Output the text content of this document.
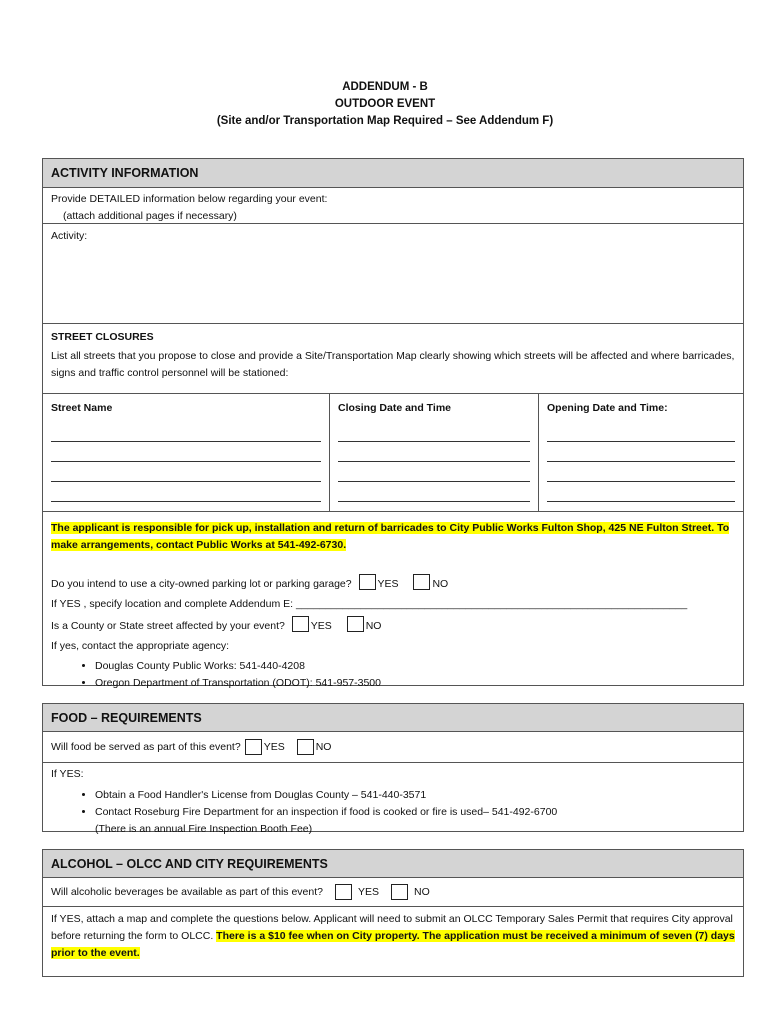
ADDENDUM - B
OUTDOOR EVENT
(Site and/or Transportation Map Required – See Addendum F)
ACTIVITY INFORMATION
Provide DETAILED information below regarding your event:
(attach additional pages if necessary)
Activity:
STREET CLOSURES
List all streets that you propose to close and provide a Site/Transportation Map clearly showing which streets will be affected and where barricades, signs and traffic control personnel will be stationed:
Street Name	Closing Date and Time	Opening Date and Time:
The applicant is responsible for pick up, installation and return of barricades to City Public Works Fulton Shop, 425 NE Fulton Street. To make arrangements, contact Public Works at 541-492-6730.
Do you intend to use a city-owned parking lot or parking garage? YES	NO
If YES , specify location and complete Addendum E: ___________________________________________________________________
Is a County or State street affected by your event? YES	NO
If yes, contact the appropriate agency:
• Douglas County Public Works: 541-440-4208
• Oregon Department of Transportation (ODOT): 541-957-3500
FOOD – REQUIREMENTS
Will food be served as part of this event? YES	NO
If YES:
• Obtain a Food Handler's License from Douglas County – 541-440-3571
• Contact Roseburg Fire Department for an inspection if food is cooked or fire is used– 541-492-6700
(There is an annual Fire Inspection Booth Fee)
ALCOHOL – OLCC AND CITY REQUIREMENTS
Will alcoholic beverages be available as part of this event?	YES	NO
If YES, attach a map and complete the questions below. Applicant will need to submit an OLCC Temporary Sales Permit that requires City approval before returning the form to OLCC. There is a $10 fee when on City property. The application must be received a minimum of seven (7) days prior to the event.
